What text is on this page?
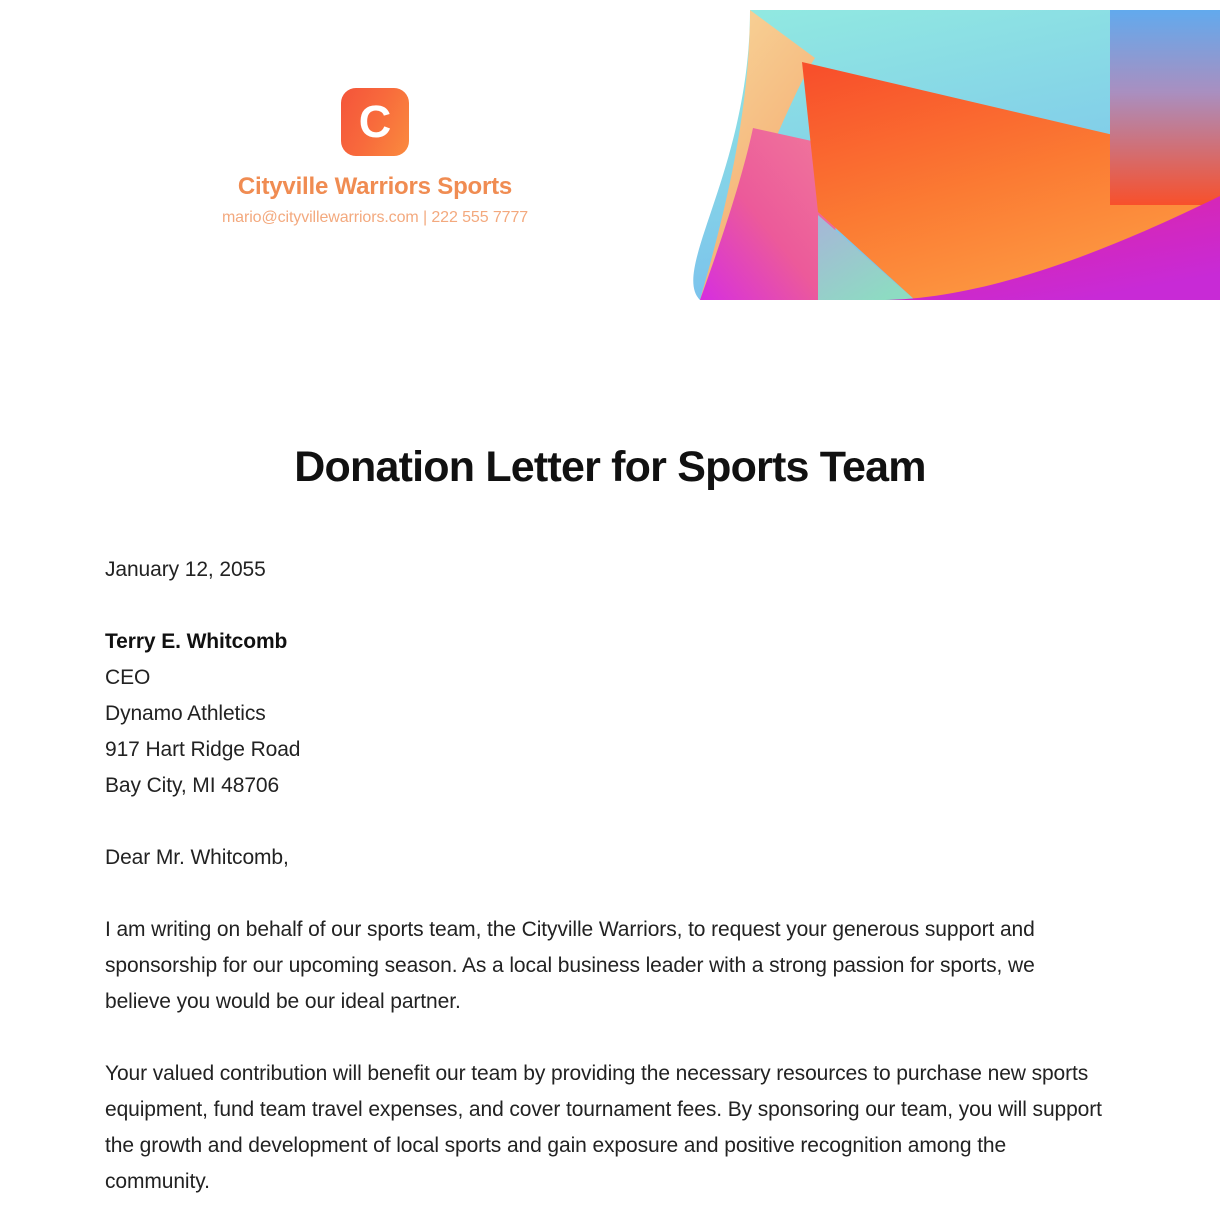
C
Cityville Warriors Sports
mario@cityvillewarriors.com | 222 555 7777
Donation Letter for Sports Team

January 12, 2055

Terry E. Whitcomb
CEO
Dynamo Athletics
917 Hart Ridge Road
Bay City, MI 48706

Dear Mr. Whitcomb,

I am writing on behalf of our sports team, the Cityville Warriors, to request your generous support and sponsorship for our upcoming season. As a local business leader with a strong passion for sports, we believe you would be our ideal partner.

Your valued contribution will benefit our team by providing the necessary resources to purchase new sports equipment, fund team travel expenses, and cover tournament fees. By sponsoring our team, you will support the growth and development of local sports and gain exposure and positive recognition among the community.
